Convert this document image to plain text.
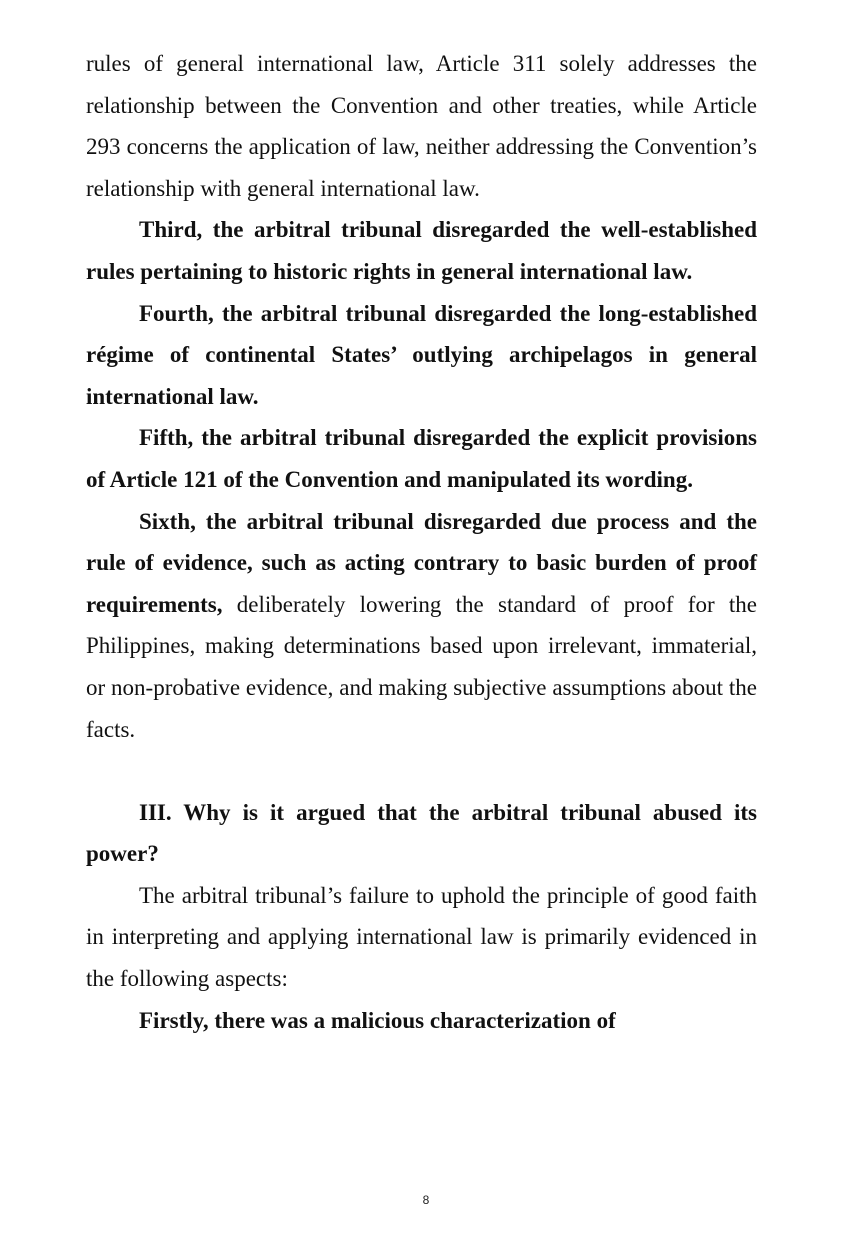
rules of general international law, Article 311 solely addresses the relationship between the Convention and other treaties, while Article 293 concerns the application of law, neither addressing the Convention’s relationship with general international law.

Third, the arbitral tribunal disregarded the well-established rules pertaining to historic rights in general international law.

Fourth, the arbitral tribunal disregarded the long-established régime of continental States’ outlying archipelagos in general international law.

Fifth, the arbitral tribunal disregarded the explicit provisions of Article 121 of the Convention and manipulated its wording.

Sixth, the arbitral tribunal disregarded due process and the rule of evidence, such as acting contrary to basic burden of proof requirements, deliberately lowering the standard of proof for the Philippines, making determinations based upon irrelevant, immaterial, or non-probative evidence, and making subjective assumptions about the facts.

III. Why is it argued that the arbitral tribunal abused its power?

The arbitral tribunal’s failure to uphold the principle of good faith in interpreting and applying international law is primarily evidenced in the following aspects:

Firstly, there was a malicious characterization of

8
